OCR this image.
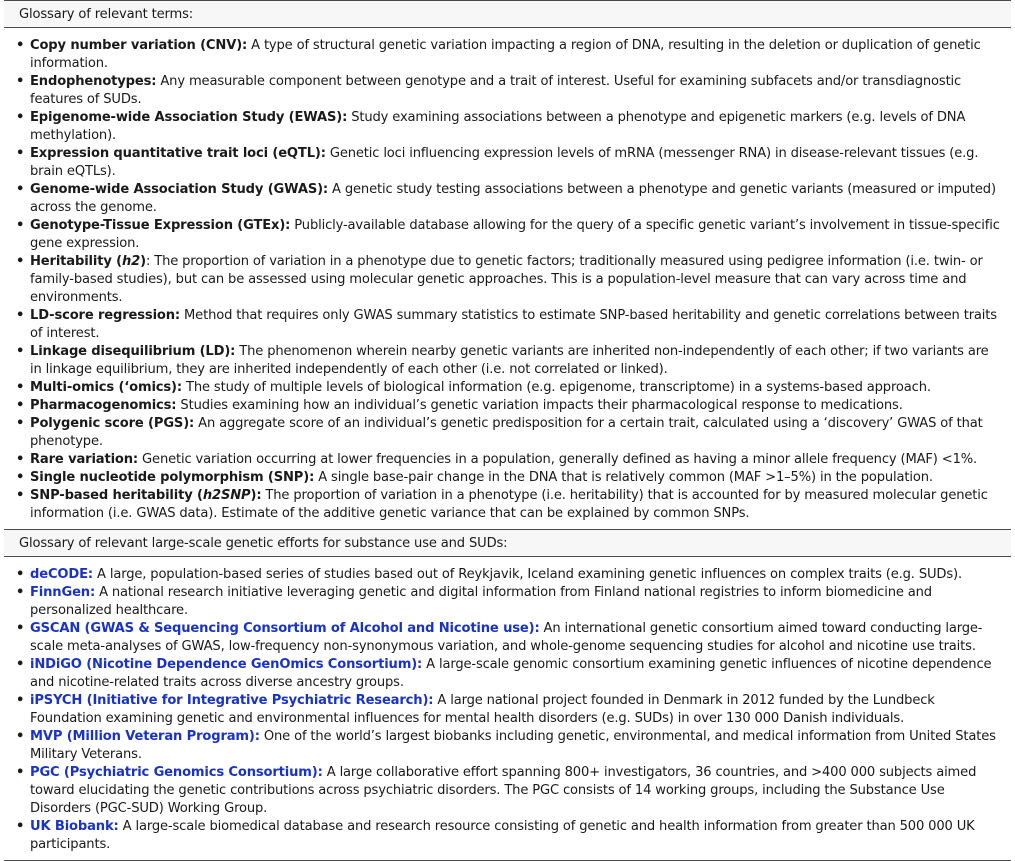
Glossary of relevant terms:
• Copy number variation (CNV): A type of structural genetic variation impacting a region of DNA, resulting in the deletion or duplication of genetic information.
• Endophenotypes: Any measurable component between genotype and a trait of interest. Useful for examining subfacets and/or transdiagnostic features of SUDs.
• Epigenome-wide Association Study (EWAS): Study examining associations between a phenotype and epigenetic markers (e.g. levels of DNA methylation).
• Expression quantitative trait loci (eQTL): Genetic loci influencing expression levels of mRNA (messenger RNA) in disease-relevant tissues (e.g. brain eQTLs).
• Genome-wide Association Study (GWAS): A genetic study testing associations between a phenotype and genetic variants (measured or imputed) across the genome.
• Genotype-Tissue Expression (GTEx): Publicly-available database allowing for the query of a specific genetic variant’s involvement in tissue-specific gene expression.
• Heritability (h2): The proportion of variation in a phenotype due to genetic factors; traditionally measured using pedigree information (i.e. twin- or family-based studies), but can be assessed using molecular genetic approaches. This is a population-level measure that can vary across time and environments.
• LD-score regression: Method that requires only GWAS summary statistics to estimate SNP-based heritability and genetic correlations between traits of interest.
• Linkage disequilibrium (LD): The phenomenon wherein nearby genetic variants are inherited non-independently of each other; if two variants are in linkage equilibrium, they are inherited independently of each other (i.e. not correlated or linked).
• Multi-omics (‘omics): The study of multiple levels of biological information (e.g. epigenome, transcriptome) in a systems-based approach.
• Pharmacogenomics: Studies examining how an individual’s genetic variation impacts their pharmacological response to medications.
• Polygenic score (PGS): An aggregate score of an individual’s genetic predisposition for a certain trait, calculated using a ‘discovery’ GWAS of that phenotype.
• Rare variation: Genetic variation occurring at lower frequencies in a population, generally defined as having a minor allele frequency (MAF) <1%.
• Single nucleotide polymorphism (SNP): A single base-pair change in the DNA that is relatively common (MAF >1–5%) in the population.
• SNP-based heritability (h2SNP): The proportion of variation in a phenotype (i.e. heritability) that is accounted for by measured molecular genetic information (i.e. GWAS data). Estimate of the additive genetic variance that can be explained by common SNPs.
Glossary of relevant large-scale genetic efforts for substance use and SUDs:
• deCODE: A large, population-based series of studies based out of Reykjavik, Iceland examining genetic influences on complex traits (e.g. SUDs).
• FinnGen: A national research initiative leveraging genetic and digital information from Finland national registries to inform biomedicine and personalized healthcare.
• GSCAN (GWAS & Sequencing Consortium of Alcohol and Nicotine use): An international genetic consortium aimed toward conducting large-scale meta-analyses of GWAS, low-frequency non-synonymous variation, and whole-genome sequencing studies for alcohol and nicotine use traits.
• iNDiGO (Nicotine Dependence GenOmics Consortium): A large-scale genomic consortium examining genetic influences of nicotine dependence and nicotine-related traits across diverse ancestry groups.
• iPSYCH (Initiative for Integrative Psychiatric Research): A large national project founded in Denmark in 2012 funded by the Lundbeck Foundation examining genetic and environmental influences for mental health disorders (e.g. SUDs) in over 130 000 Danish individuals.
• MVP (Million Veteran Program): One of the world’s largest biobanks including genetic, environmental, and medical information from United States Military Veterans.
• PGC (Psychiatric Genomics Consortium): A large collaborative effort spanning 800+ investigators, 36 countries, and >400 000 subjects aimed toward elucidating the genetic contributions across psychiatric disorders. The PGC consists of 14 working groups, including the Substance Use Disorders (PGC-SUD) Working Group.
• UK Biobank: A large-scale biomedical database and research resource consisting of genetic and health information from greater than 500 000 UK participants.
